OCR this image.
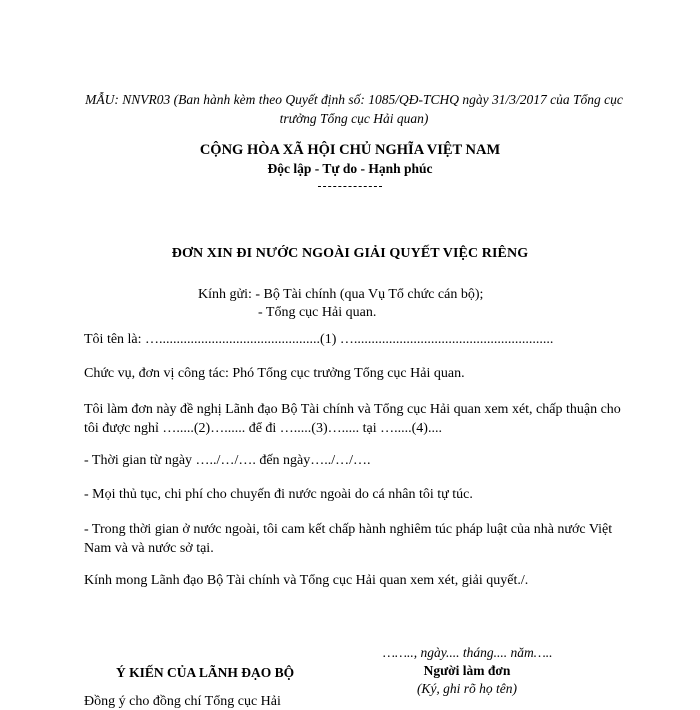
MẪU: NNVR03 (Ban hành kèm theo Quyết định số: 1085/QĐ-TCHQ ngày 31/3/2017 của Tổng cục trưởng Tổng cục Hải quan)
CỘNG HÒA XÃ HỘI CHỦ NGHĨA VIỆT NAM
Độc lập - Tự do - Hạnh phúc
ĐƠN XIN ĐI NƯỚC NGOÀI GIẢI QUYẾT VIỆC RIÊNG
Kính gửi: - Bộ Tài chính (qua Vụ Tổ chức cán bộ);
- Tổng cục Hải quan.
Tôi tên là: …..............................................(1) ….........................................................
Chức vụ, đơn vị công tác: Phó Tổng cục trưởng Tổng cục Hải quan.
Tôi làm đơn này đề nghị Lãnh đạo Bộ Tài chính và Tổng cục Hải quan xem xét, chấp thuận cho tôi được nghỉ ….....(2)…...... để đi ….....(3)…..... tại ….....(4)....
- Thời gian từ ngày …../…/…. đến ngày…../…/….
- Mọi thủ tục, chi phí cho chuyến đi nước ngoài do cá nhân tôi tự túc.
- Trong thời gian ở nước ngoài, tôi cam kết chấp hành nghiêm túc pháp luật của nhà nước Việt Nam và và nước sở tại.
Kính mong Lãnh đạo Bộ Tài chính và Tổng cục Hải quan xem xét, giải quyết./.
…….., ngày.... tháng.... năm…..
Người làm đơn
(Ký, ghi rõ họ tên)
Ý KIẾN CỦA LÃNH ĐẠO BỘ
Đồng ý cho đồng chí Tổng cục Hải
